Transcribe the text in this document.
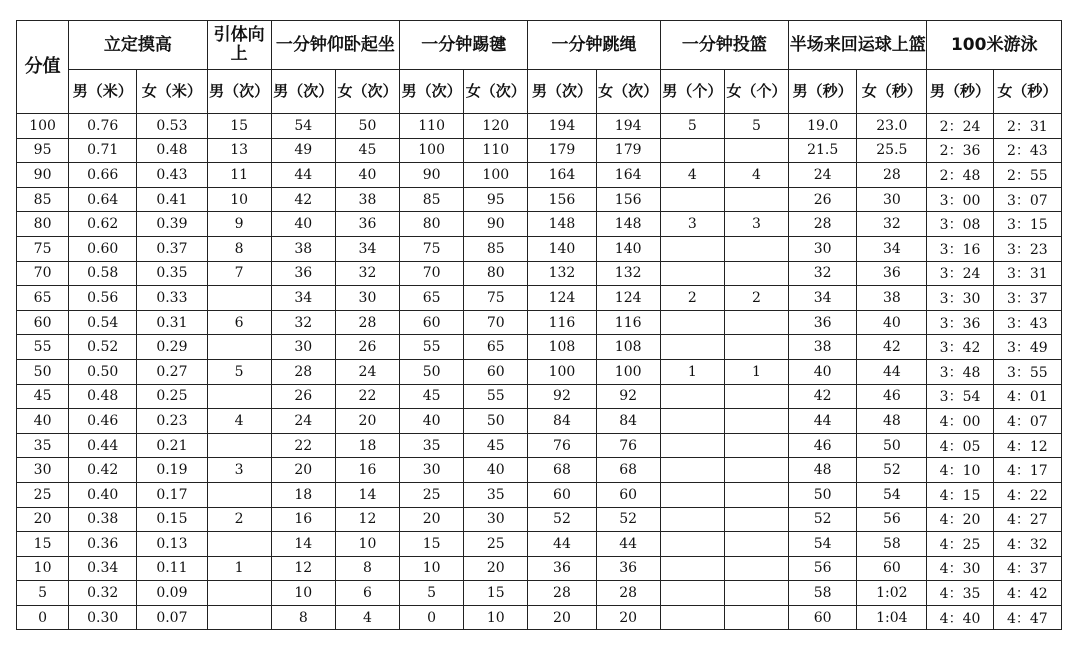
分值	立定摸高		引体向上	一分钟仰卧起坐		一分钟踢毽		一分钟跳绳		一分钟投篮		半场来回运球上篮		100米游泳	
	男（米）	女（米）	男（次）	男（次）	女（次）	男（次）	女（次）	男（次）	女（次）	男（个）	女（个）	男（秒）	女（秒）	男（秒）	女（秒）
100	0.76	0.53	15	54	50	110	120	194	194	5	5	19.0	23.0	2：24	2：31
95	0.71	0.48	13	49	45	100	110	179	179			21.5	25.5	2：36	2：43
90	0.66	0.43	11	44	40	90	100	164	164	4	4	24	28	2：48	2：55
85	0.64	0.41	10	42	38	85	95	156	156			26	30	3：00	3：07
80	0.62	0.39	9	40	36	80	90	148	148	3	3	28	32	3：08	3：15
75	0.60	0.37	8	38	34	75	85	140	140			30	34	3：16	3：23
70	0.58	0.35	7	36	32	70	80	132	132			32	36	3：24	3：31
65	0.56	0.33		34	30	65	75	124	124	2	2	34	38	3：30	3：37
60	0.54	0.31	6	32	28	60	70	116	116			36	40	3：36	3：43
55	0.52	0.29		30	26	55	65	108	108			38	42	3：42	3：49
50	0.50	0.27	5	28	24	50	60	100	100	1	1	40	44	3：48	3：55
45	0.48	0.25		26	22	45	55	92	92			42	46	3：54	4：01
40	0.46	0.23	4	24	20	40	50	84	84			44	48	4：00	4：07
35	0.44	0.21		22	18	35	45	76	76			46	50	4：05	4：12
30	0.42	0.19	3	20	16	30	40	68	68			48	52	4：10	4：17
25	0.40	0.17		18	14	25	35	60	60			50	54	4：15	4：22
20	0.38	0.15	2	16	12	20	30	52	52			52	56	4：20	4：27
15	0.36	0.13		14	10	15	25	44	44			54	58	4：25	4：32
10	0.34	0.11	1	12	8	10	20	36	36			56	60	4：30	4：37
5	0.32	0.09		10	6	5	15	28	28			58	1:02	4：35	4：42
0	0.30	0.07		8	4	0	10	20	20			60	1:04	4：40	4：47
